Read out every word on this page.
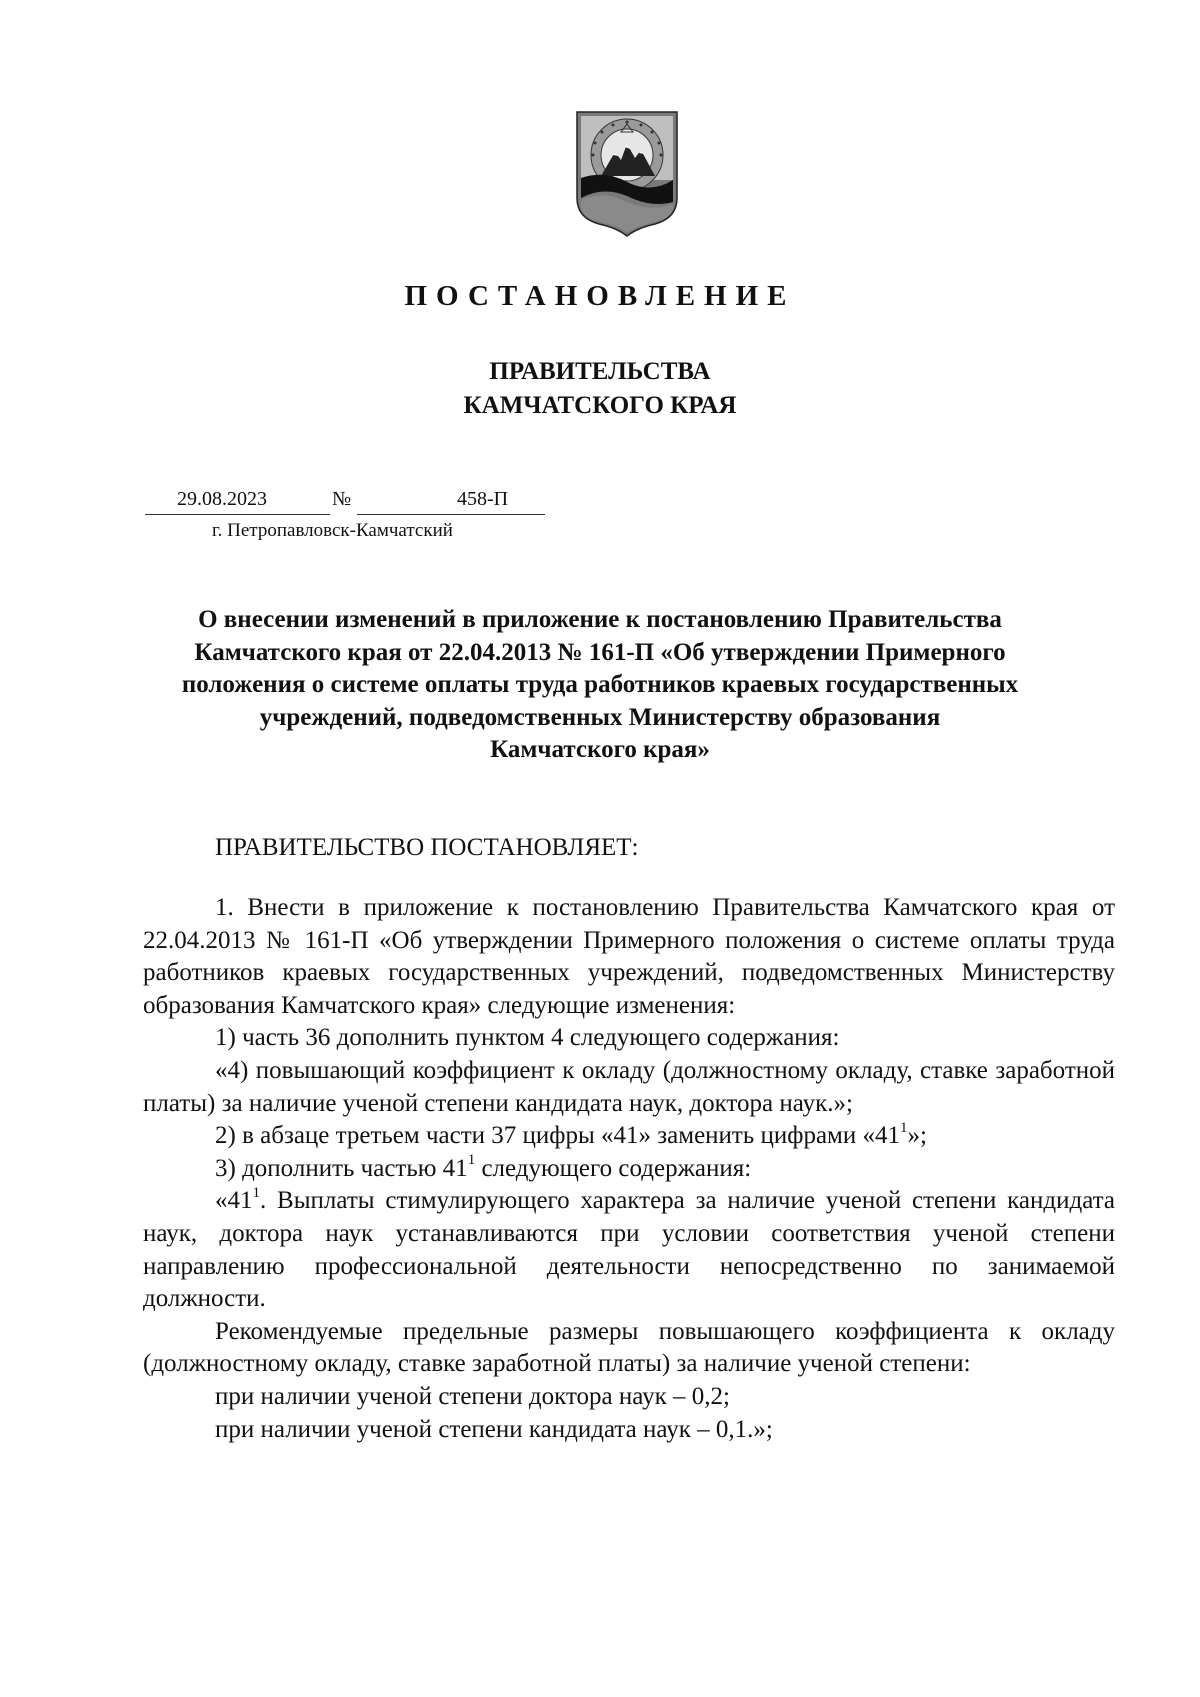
ПОСТАНОВЛЕНИЕ
ПРАВИТЕЛЬСТВА
КАМЧАТСКОГО КРАЯ
29.08.2023	№	458-П
г. Петропавловск-Камчатский
О внесении изменений в приложение к постановлению Правительства
Камчатского края от 22.04.2013 № 161-П «Об утверждении Примерного
положения о системе оплаты труда работников краевых государственных
учреждений, подведомственных Министерству образования
Камчатского края»
ПРАВИТЕЛЬСТВО ПОСТАНОВЛЯЕТ:

1. Внести в приложение к постановлению Правительства Камчатского края от 22.04.2013 № 161-П «Об утверждении Примерного положения о системе оплаты труда работников краевых государственных учреждений, подведомственных Министерству образования Камчатского края» следующие изменения:

1) часть 36 дополнить пунктом 4 следующего содержания:

«4) повышающий коэффициент к окладу (должностному окладу, ставке заработной платы) за наличие ученой степени кандидата наук, доктора наук.»;

2) в абзаце третьем части 37 цифры «41» заменить цифрами «$41^1$»;

3) дополнить частью $41^1$ следующего содержания:

«$41^1$. Выплаты стимулирующего характера за наличие ученой степени кандидата наук, доктора наук устанавливаются при условии соответствия ученой степени направлению профессиональной деятельности непосредственно по занимаемой должности.

Рекомендуемые предельные размеры повышающего коэффициента к окладу (должностному окладу, ставке заработной платы) за наличие ученой степени:

при наличии ученой степени доктора наук – 0,2;

при наличии ученой степени кандидата наук – 0,1.»;
